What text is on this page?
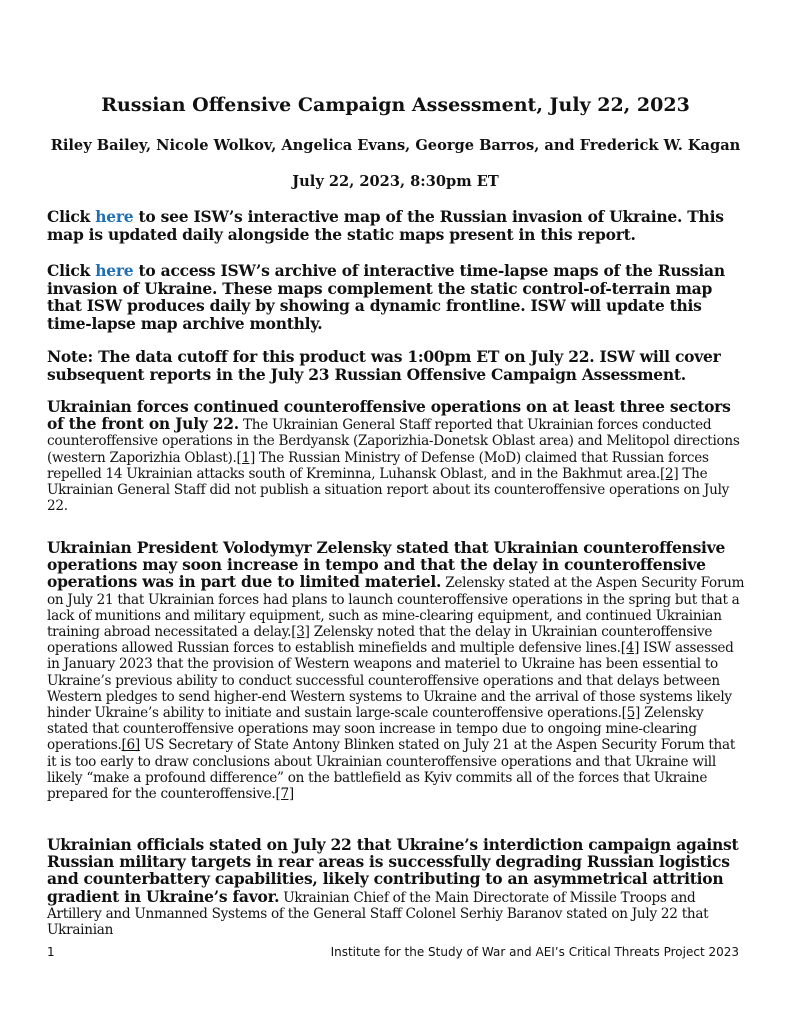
Russian Offensive Campaign Assessment, July 22, 2023
Riley Bailey, Nicole Wolkov, Angelica Evans, George Barros, and Frederick W. Kagan
July 22, 2023, 8:30pm ET

Click here to see ISW’s interactive map of the Russian invasion of Ukraine. This map is updated daily alongside the static maps present in this report.

Click here to access ISW’s archive of interactive time-lapse maps of the Russian invasion of Ukraine. These maps complement the static control-of-terrain map that ISW produces daily by showing a dynamic frontline. ISW will update this time-lapse map archive monthly.

Note: The data cutoff for this product was 1:00pm ET on July 22. ISW will cover subsequent reports in the July 23 Russian Offensive Campaign Assessment.

Ukrainian forces continued counteroffensive operations on at least three sectors of the front on July 22. The Ukrainian General Staff reported that Ukrainian forces conducted counteroffensive operations in the Berdyansk (Zaporizhia-Donetsk Oblast area) and Melitopol directions (western Zaporizhia Oblast).[1] The Russian Ministry of Defense (MoD) claimed that Russian forces repelled 14 Ukrainian attacks south of Kreminna, Luhansk Oblast, and in the Bakhmut area.[2] The Ukrainian General Staff did not publish a situation report about its counteroffensive operations on July 22.

Ukrainian President Volodymyr Zelensky stated that Ukrainian counteroffensive operations may soon increase in tempo and that the delay in counteroffensive operations was in part due to limited materiel. Zelensky stated at the Aspen Security Forum on July 21 that Ukrainian forces had plans to launch counteroffensive operations in the spring but that a lack of munitions and military equipment, such as mine-clearing equipment, and continued Ukrainian training abroad necessitated a delay.[3] Zelensky noted that the delay in Ukrainian counteroffensive operations allowed Russian forces to establish minefields and multiple defensive lines.[4] ISW assessed in January 2023 that the provision of Western weapons and materiel to Ukraine has been essential to Ukraine’s previous ability to conduct successful counteroffensive operations and that delays between Western pledges to send higher-end Western systems to Ukraine and the arrival of those systems likely hinder Ukraine’s ability to initiate and sustain large-scale counteroffensive operations.[5] Zelensky stated that counteroffensive operations may soon increase in tempo due to ongoing mine-clearing operations.[6] US Secretary of State Antony Blinken stated on July 21 at the Aspen Security Forum that it is too early to draw conclusions about Ukrainian counteroffensive operations and that Ukraine will likely “make a profound difference” on the battlefield as Kyiv commits all of the forces that Ukraine prepared for the counteroffensive.[7]

Ukrainian officials stated on July 22 that Ukraine’s interdiction campaign against Russian military targets in rear areas is successfully degrading Russian logistics and counterbattery capabilities, likely contributing to an asymmetrical attrition gradient in Ukraine’s favor. Ukrainian Chief of the Main Directorate of Missile Troops and Artillery and Unmanned Systems of the General Staff Colonel Serhiy Baranov stated on July 22 that Ukrainian

1	Institute for the Study of War and AEI’s Critical Threats Project 2023
